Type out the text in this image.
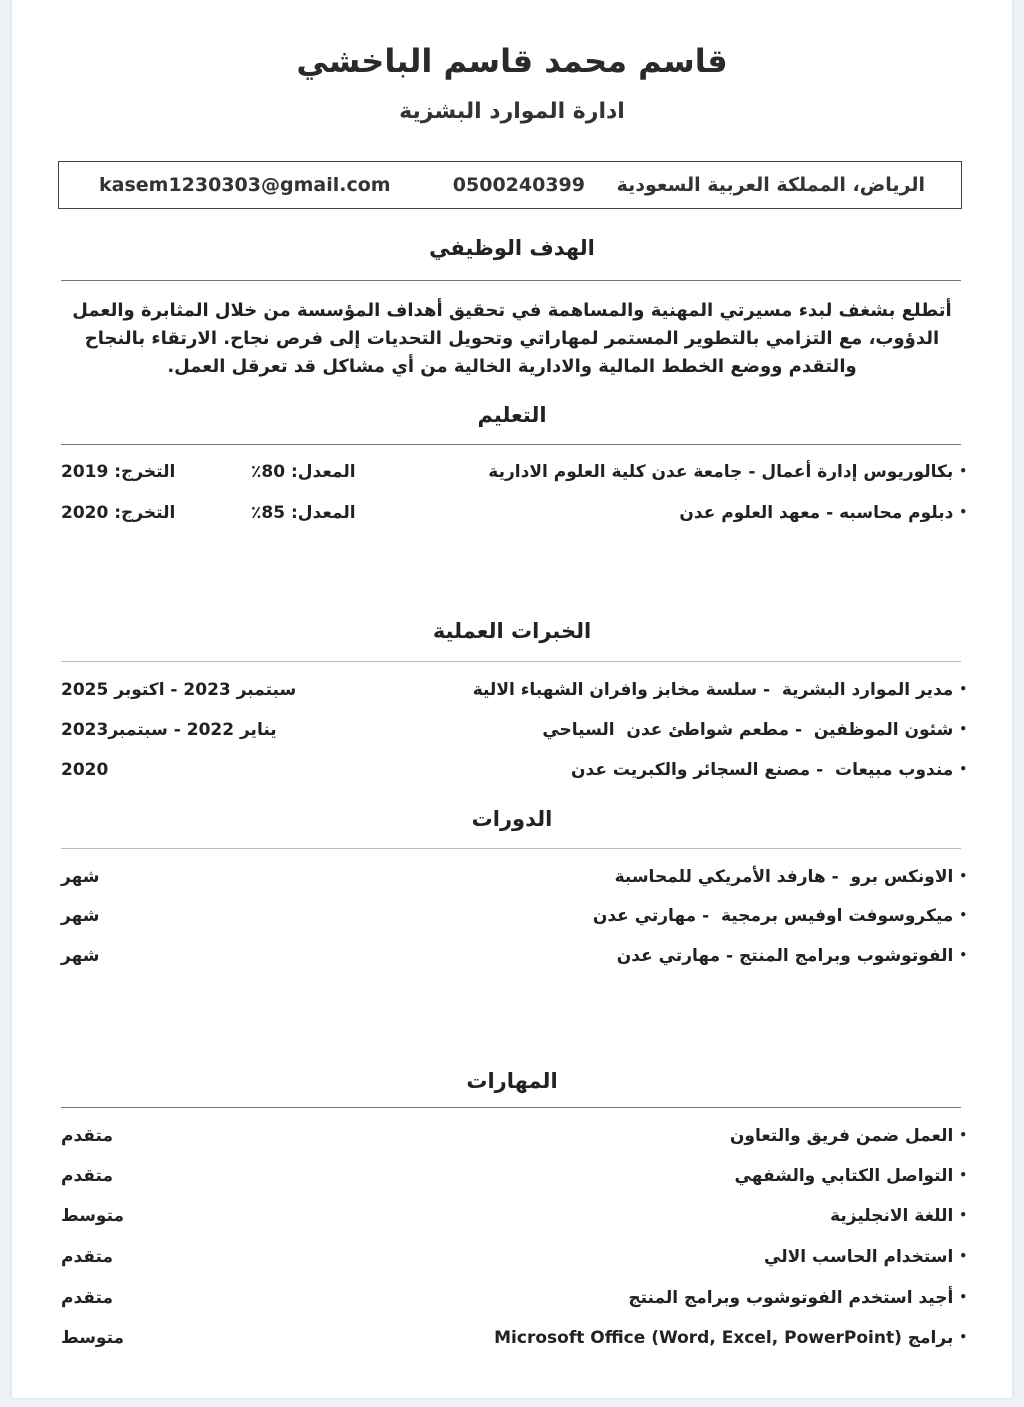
قاسم محمد قاسم الباخشي
ادارة الموارد البشزية
الرياض، المملكة العربية السعودية
0500240399
kasem1230303@gmail.com
الهدف الوظيفي
أتطلع بشغف لبدء مسيرتي المهنية والمساهمة في تحقيق أهداف المؤسسة من خلال المثابرة والعمل الدؤوب، مع التزامي بالتطوير المستمر لمهاراتي وتحويل التحديات إلى فرص نجاح. الارتقاء بالنجاح والتقدم ووضع الخطط المالية والادارية الخالية من أي مشاكل قد تعرقل العمل.
التعليم
•بكالوريوس إدارة أعمال - جامعة عدن كلية العلوم الادارية
المعدل: 80٪
التخرج: 2019
•دبلوم محاسبه - معهد العلوم عدن
المعدل: 85٪
التخرج: 2020
الخبرات العملية
•مدير الموارد البشرية  - سلسة مخابز وافران الشهباء الالية
سبتمبر 2023 - اكتوبر 2025
•شئون الموظفين  - مطعم شواطئ عدن  السياحي
يناير 2022 - سبتمبر2023
•مندوب مبيعات  - مصنع السجائر والكبريت عدن
2020
الدورات
•الاونكس برو  - هارفد الأمريكي للمحاسبة
شهر
•ميكروسوفت اوفيس برمجية  - مهارتي عدن
شهر
•الفوتوشوب وبرامج المنتج - مهارتي عدن
شهر
المهارات
•العمل ضمن فريق والتعاون
متقدم
•التواصل الكتابي والشفهي
متقدم
•اللغة الانجليزية
متوسط
•استخدام الحاسب الالي
متقدم
•أجيد استخدم الفوتوشوب وبرامج المنتج
متقدم
•برامج Microsoft Office (Word, Excel, PowerPoint)
متوسط
